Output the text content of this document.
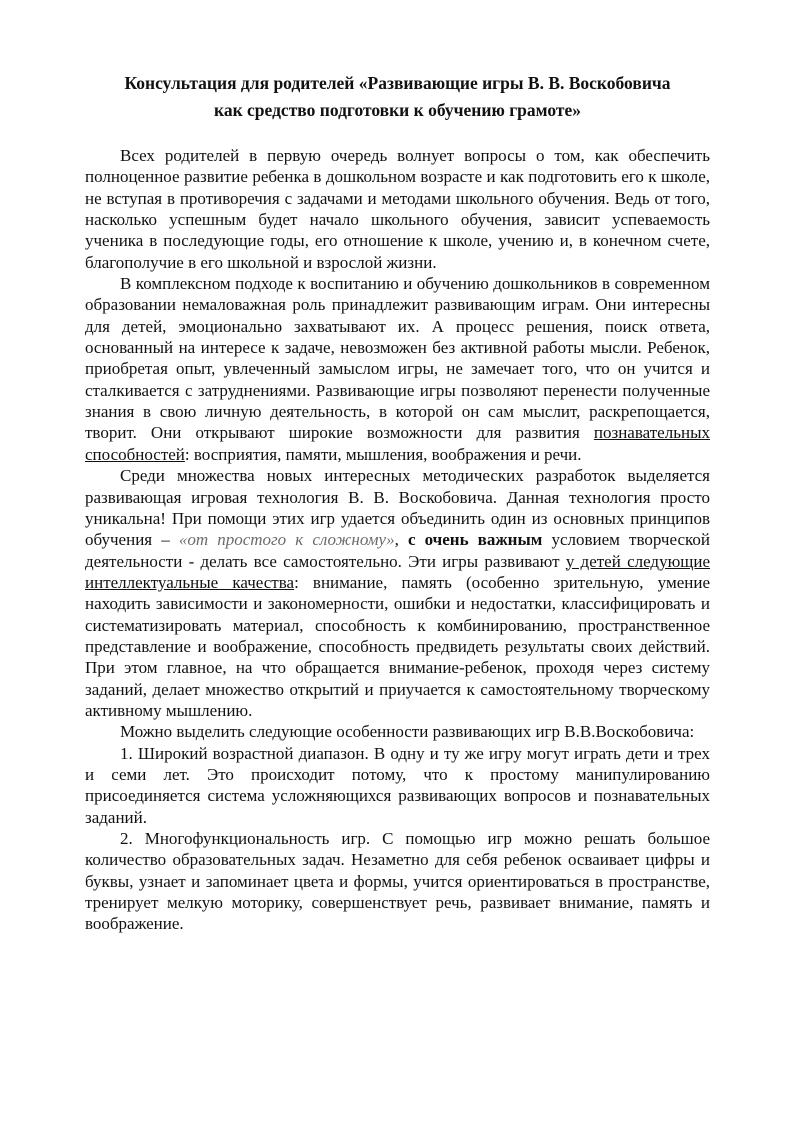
Консультация для родителей «Развивающие игры В. В. Воскобовича
как средство подготовки к обучению грамоте»

Всех родителей в первую очередь волнует вопросы о том, как обеспечить полноценное развитие ребенка в дошкольном возрасте и как подготовить его к школе, не вступая в противоречия с задачами и методами школьного обучения. Ведь от того, насколько успешным будет начало школьного обучения, зависит успеваемость ученика в последующие годы, его отношение к школе, учению и, в конечном счете, благополучие в его школьной и взрослой жизни.

В комплексном подходе к воспитанию и обучению дошкольников в современном образовании немаловажная роль принадлежит развивающим играм. Они интересны для детей, эмоционально захватывают их. А процесс решения, поиск ответа, основанный на интересе к задаче, невозможен без активной работы мысли. Ребенок, приобретая опыт, увлеченный замыслом игры, не замечает того, что он учится и сталкивается с затруднениями. Развивающие игры позволяют перенести полученные знания в свою личную деятельность, в которой он сам мыслит, раскрепощается, творит. Они открывают широкие возможности для развития познавательных способностей: восприятия, памяти, мышления, воображения и речи.

Среди множества новых интересных методических разработок выделяется развивающая игровая технология В. В. Воскобовича. Данная технология просто уникальна! При помощи этих игр удается объединить один из основных принципов обучения – «от простого к сложному», с очень важным условием творческой деятельности - делать все самостоятельно. Эти игры развивают у детей следующие интеллектуальные качества: внимание, память (особенно зрительную, умение находить зависимости и закономерности, ошибки и недостатки, классифицировать и систематизировать материал, способность к комбинированию, пространственное представление и воображение, способность предвидеть результаты своих действий. При этом главное, на что обращается внимание-ребенок, проходя через систему заданий, делает множество открытий и приучается к самостоятельному творческому активному мышлению.

Можно выделить следующие особенности развивающих игр В.В.Воскобовича:

1. Широкий возрастной диапазон. В одну и ту же игру могут играть дети и трех и семи лет. Это происходит потому, что к простому манипулированию присоединяется система усложняющихся развивающих вопросов и познавательных заданий.

2. Многофункциональность игр. С помощью игр можно решать большое количество образовательных задач. Незаметно для себя ребенок осваивает цифры и буквы, узнает и запоминает цвета и формы, учится ориентироваться в пространстве, тренирует мелкую моторику, совершенствует речь, развивает внимание, память и воображение.
